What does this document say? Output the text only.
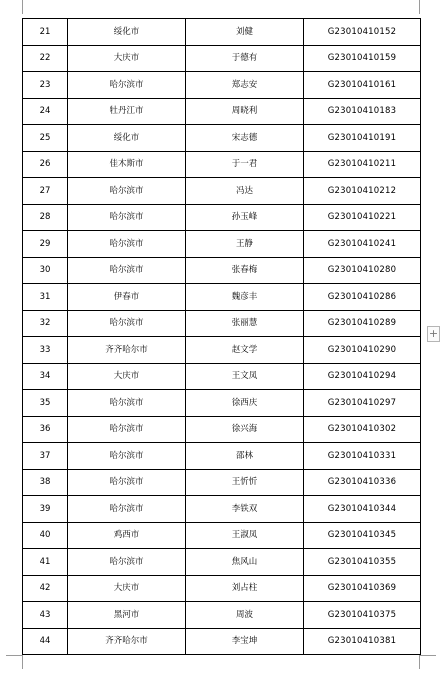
21	绥化市	刘健	G23010410152
22	大庆市	于德有	G23010410159
23	哈尔滨市	郑志安	G23010410161
24	牡丹江市	周晓利	G23010410183
25	绥化市	宋志德	G23010410191
26	佳木斯市	于一君	G23010410211
27	哈尔滨市	冯达	G23010410212
28	哈尔滨市	孙玉峰	G23010410221
29	哈尔滨市	王静	G23010410241
30	哈尔滨市	张春梅	G23010410280
31	伊春市	魏彦丰	G23010410286
32	哈尔滨市	张丽慧	G23010410289
33	齐齐哈尔市	赵文学	G23010410290
34	大庆市	王文凤	G23010410294
35	哈尔滨市	徐西庆	G23010410297
36	哈尔滨市	徐兴海	G23010410302
37	哈尔滨市	邵林	G23010410331
38	哈尔滨市	王忻忻	G23010410336
39	哈尔滨市	李铁双	G23010410344
40	鸡西市	王淑凤	G23010410345
41	哈尔滨市	焦风山	G23010410355
42	大庆市	刘占柱	G23010410369
43	黑河市	周波	G23010410375
44	齐齐哈尔市	李宝坤	G23010410381
+
